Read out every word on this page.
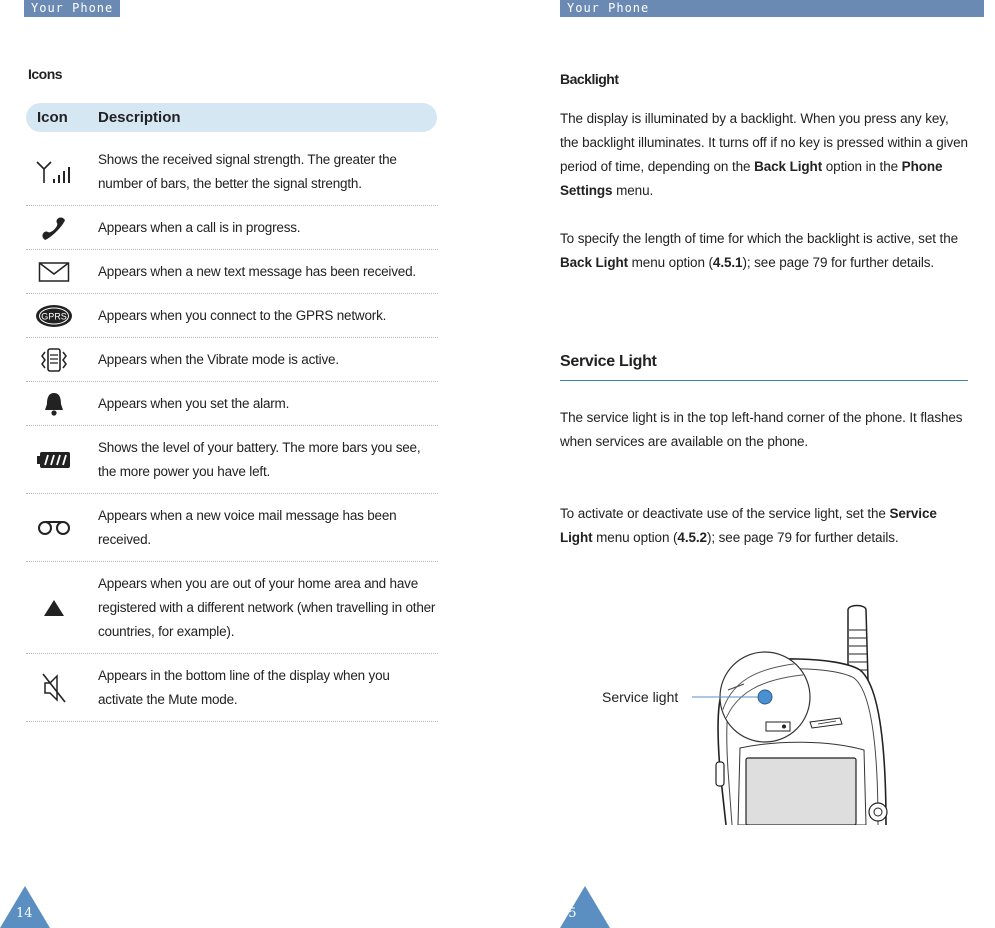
Your Phone	Your Phone
Icons
Icon Description
Shows the received signal strength. The greater the number of bars, the better the signal strength.
Appears when a call is in progress.
Appears when a new text message has been received.
GPRS Appears when you connect to the GPRS network.
Appears when the Vibrate mode is active.
Appears when you set the alarm.
Shows the level of your battery. The more bars you see, the more power you have left.
Appears when a new voice mail message has been received.
Appears when you are out of your home area and have registered with a different network (when travelling in other countries, for example).
Appears in the bottom line of the display when you activate the Mute mode.
Backlight

The display is illuminated by a backlight. When you press any key, the backlight illuminates. It turns off if no key is pressed within a given period of time, depending on the Back Light option in the Phone Settings menu.

To specify the length of time for which the backlight is active, set the Back Light menu option (4.5.1); see page 79 for further details.

Service Light

The service light is in the top left-hand corner of the phone. It flashes when services are available on the phone.

To activate or deactivate use of the service light, set the Service Light menu option (4.5.2); see page 79 for further details.

Service light
14	15
